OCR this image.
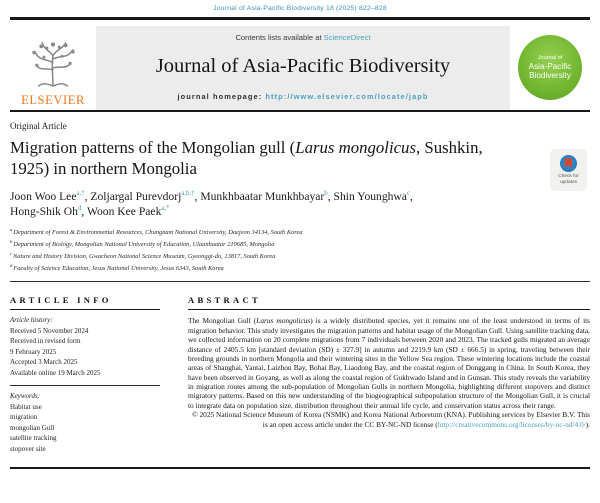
Journal of Asia-Pacific Biodiversity 18 (2025) 822–828
ELSEVIER
Contents lists available at ScienceDirect
Journal of Asia-Pacific Biodiversity
journal homepage: http://www.elsevier.com/locate/japb
Journal of
Asia-Pacific
Biodiversity
Original Article
Migration patterns of the Mongolian gull (Larus mongolicus, Sushkin,
1925) in northern Mongolia	Check for
updates
Joon Woo Lee$^{a,\dagger}$, Zoljargal Purevdorj$^{a,b,\dagger}$, Munkhbaatar Munkhbayar$^b$, Shin Younghwa$^c$,
Hong-Shik Oh$^d$, Woon Kee Paek$^{a,*}$
$^a$Department of Forest & Environmental Resources, Chungnam National University, Daejeon 34134, South Korea
$^b$Department of Biology, Mongolian National University of Education, Ulaanbaatar 210685, Mongolia
$^c$Nature and History Division, Gwacheon National Science Museum, Gyeonggi-do, 13817, South Korea
$^d$Faculty of Science Education, Jesus National University, Jesus 6343, South Korea
ARTICLE INFO
Article history:
Received 5 November 2024
Received in revised form
9 February 2025
Accepted 3 March 2025
Available online 19 March 2025
Keywords:
Habitat use
migration
mongolian Gull
satellite tracking
stopover site
ABSTRACT
The Mongolian Gull (Larus mongolicus) is a widely distributed species, yet it remains one of the least understood in terms of its migration behavior. This study investigates the migration patterns and habitat usage of the Mongolian Gull. Using satellite tracking data, we collected information on 20 complete migrations from 7 individuals between 2020 and 2023. The tracked gulls migrated an average distance of 2405.5 km [standard deviation (SD) ± 327.9] in autumn and 2219.9 km (SD ± 666.5) in spring, traveling between their breeding grounds in northern Mongolia and their wintering sites in the Yellow Sea region. These wintering locations include the coastal areas of Shanghai, Yantai, Laizhou Bay, Bohai Bay, Liaodong Bay, and the coastal region of Donggang in China. In South Korea, they have been observed in Goyang, as well as along the coastal region of Gukhwado Island and in Gunsan. This study reveals the variability in migration routes among the sub-population of Mongolian Gulls in northern Mongolia, highlighting different stopovers and distinct migratory patterns. Based on this new understanding of the biogeographical subpopulation structure of the Mongolian Gull, it is crucial to integrate data on population size, distribution throughout their annual life cycle, and conservation status across their range.
© 2025 National Science Museum of Korea (NSMK) and Korea National Arboretum (KNA). Publishing services by Elsevier B.V. This is an open access article under the CC BY-NC-ND license (http://creativecommons.org/licenses/by-nc-nd/4.0/).
